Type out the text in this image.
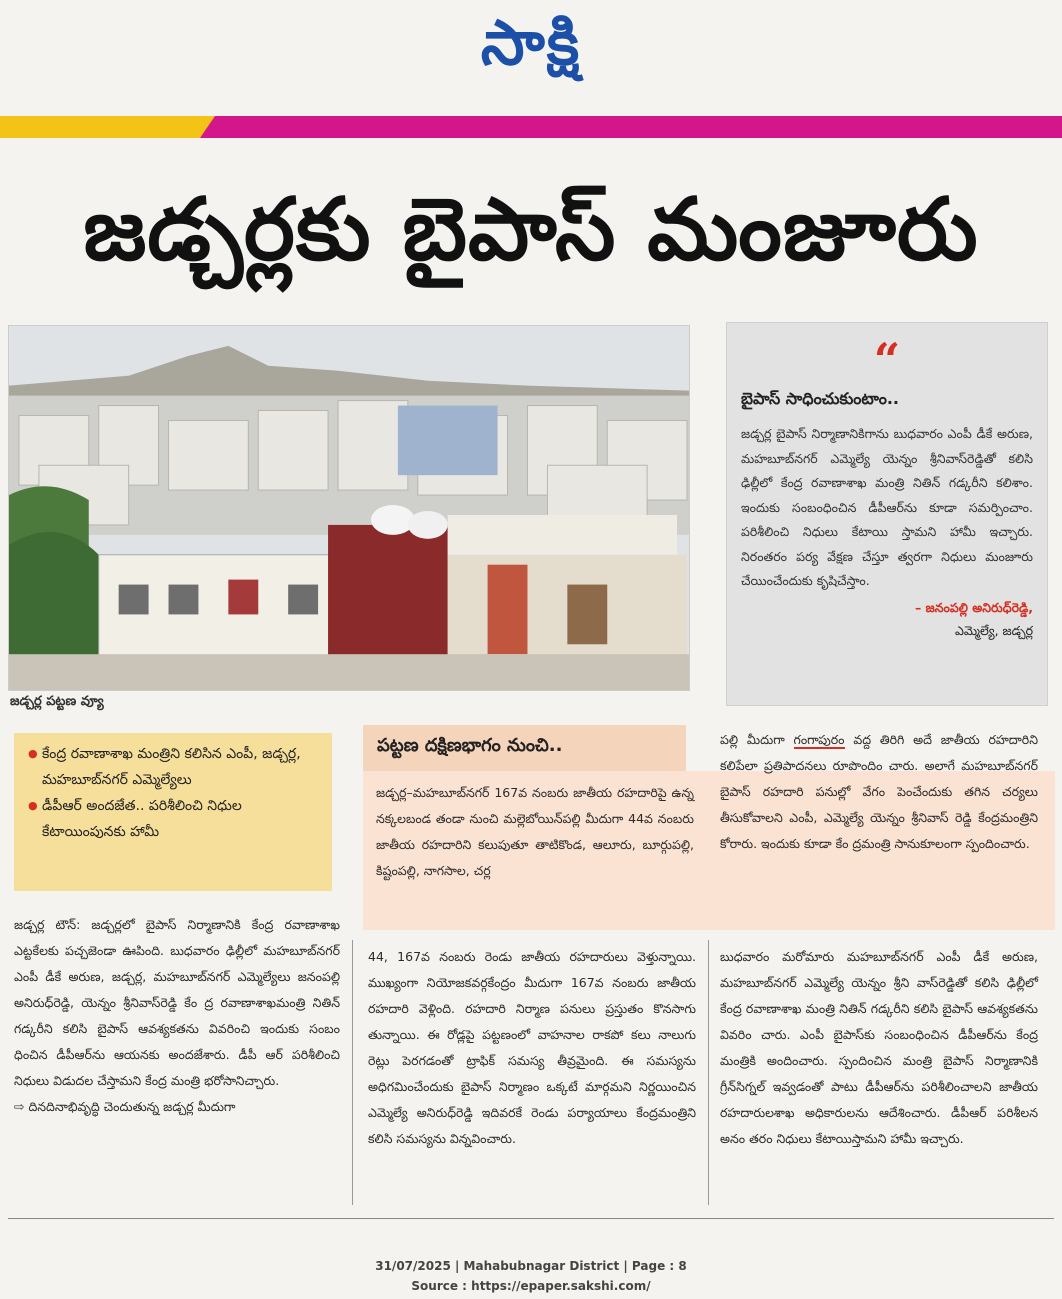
సాక్షి
జడ్చర్లకు బైపాస్ మంజూరు
జడ్చర్ల పట్టణ వ్యూ
“
బైపాస్ సాధించుకుంటాం..
జడ్చర్ల బైపాస్ నిర్మాణానికిగాను బుధవారం ఎంపీ డీకే అరుణ, మహబూబ్‌నగర్ ఎమ్మెల్యే యెన్నం శ్రీనివాస్‌రెడ్డితో కలిసి ఢిల్లీలో కేంద్ర రవాణాశాఖ మంత్రి నితిన్ గడ్కరీని కలిశాం. ఇందుకు సంబంధించిన డీపీఆర్‌ను కూడా సమర్పించాం. పరిశీలించి నిధులు కేటాయి స్తామని హామీ ఇచ్చారు. నిరంతరం పర్య వేక్షణ చేస్తూ త్వరగా నిధులు మంజూరు చేయించేందుకు కృషిచేస్తాం.
– జనంపల్లి అనిరుధ్‌రెడ్డి,
ఎమ్మెల్యే, జడ్చర్ల
● కేంద్ర రవాణాశాఖ మంత్రిని కలిసిన ఎంపీ, జడ్చర్ల, మహబూబ్‌నగర్ ఎమ్మెల్యేలు
● డీపీఆర్ అందజేత.. పరిశీలించి నిధుల కేటాయింపునకు హామీ
పట్టణ దక్షిణభాగం నుంచి..
జడ్చర్ల–మహబూబ్‌నగర్ 167వ నంబరు జాతీయ రహదారిపై ఉన్న నక్కలబండ తండా నుంచి మల్లెబోయిన్‌పల్లి మీదుగా 44వ నంబరు జాతీయ రహదారిని కలుపుతూ తాటికొండ, ఆలూరు, బూర్గుపల్లి, కిష్టంపల్లి, నాగసాల, చర్ల
పల్లి మీదుగా గంగాపురం వద్ద తిరిగి అదే జాతీయ రహదారిని కలిపేలా ప్రతిపాదనలు రూపొందిం చారు. అలాగే మహబూబ్‌నగర్ బైపాస్ రహదారి పనుల్లో వేగం పెంచేందుకు తగిన చర్యలు తీసుకోవాలని ఎంపీ, ఎమ్మెల్యే యెన్నం శ్రీనివాస్ రెడ్డి కేంద్రమంత్రిని కోరారు. ఇందుకు కూడా కేం ద్రమంత్రి సానుకూలంగా స్పందించారు.
జడ్చర్ల టౌన్: జడ్చర్లలో బైపాస్ నిర్మాణానికి కేంద్ర రవాణాశాఖ ఎట్టకేలకు పచ్చజెండా ఊపింది. బుధవారం ఢిల్లీలో మహబూబ్‌నగర్ ఎంపీ డీకే అరుణ, జడ్చర్ల, మహబూబ్‌నగర్ ఎమ్మెల్యేలు జనంపల్లి అనిరుధ్‌రెడ్డి, యెన్నం శ్రీనివాస్‌రెడ్డి కేం ద్ర రవాణాశాఖమంత్రి నితిన్ గడ్కరీని కలిసి బైపాస్ ఆవశ్యకతను వివరించి ఇందుకు సంబం ధించిన డీపీఆర్‌ను ఆయనకు అందజేశారు. డీపీ ఆర్ పరిశీలించి నిధులు విడుదల చేస్తామని కేంద్ర మంత్రి భరోసానిచ్చారు.
⇨ దినదినాభివృద్ధి చెందుతున్న జడ్చర్ల మీదుగా
44, 167వ నంబరు రెండు జాతీయ రహదారులు వెళ్తున్నాయి. ముఖ్యంగా నియోజకవర్గకేంద్రం మీదుగా 167వ నంబరు జాతీయ రహదారి వెళ్లింది. రహదారి నిర్మాణ పనులు ప్రస్తుతం కొనసాగు తున్నాయి. ఈ రోడ్లపై పట్టణంలో వాహనాల రాకపో కలు నాలుగు రెట్లు పెరగడంతో ట్రాఫిక్ సమస్య తీవ్రమైంది. ఈ సమస్యను అధిగమించేందుకు బైపాస్ నిర్మాణం ఒక్కటే మార్గమని నిర్ణయించిన ఎమ్మెల్యే అనిరుధ్‌రెడ్డి ఇదివరకే రెండు పర్యాయాలు కేంద్రమంత్రిని కలిసి సమస్యను విన్నవించారు.
బుధవారం మరోమారు మహబూబ్‌నగర్ ఎంపీ డీకే అరుణ, మహబూబ్‌నగర్ ఎమ్మెల్యే యెన్నం శ్రీని వాస్‌రెడ్డితో కలిసి ఢిల్లీలో కేంద్ర రవాణాశాఖ మంత్రి నితిన్ గడ్కరీని కలిసి బైపాస్ ఆవశ్యకతను వివరిం చారు. ఎంపీ బైపాస్‌కు సంబంధించిన డీపీఆర్‌ను కేంద్ర మంత్రికి అందించారు. స్పందించిన మంత్రి బైపాస్ నిర్మాణానికి గ్రీన్‌సిగ్నల్ ఇవ్వడంతో పాటు డీపీఆర్‌ను పరిశీలించాలని జాతీయ రహదారులశాఖ అధికారులను ఆదేశించారు. డీపీఆర్ పరిశీలన అనం తరం నిధులు కేటాయిస్తామని హామీ ఇచ్చారు.
31/07/2025 | Mahabubnagar District | Page : 8
Source : https://epaper.sakshi.com/
